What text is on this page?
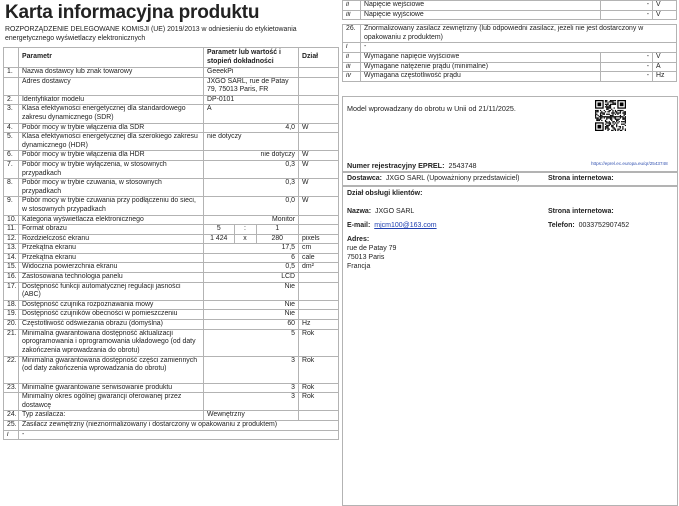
Karta informacyjna produktu
ROZPORZĄDZENIE DELEGOWANE KOMISJI (UE) 2019/2013 w odniesieniu do etykietowania energetycznego wyświetlaczy elektronicznych
	Parametr	Parametr lub wartość i stopień dokładności	Dział
1.	Nazwa dostawcy lub znak towarowy	GeeekPi	
	Adres dostawcy	JXGO SARL, rue de Patay 79, 75013 Paris, FR	
2.	Identyfikator modelu	DP-0101	
3.	Klasa efektywności energetycznej dla standardowego zakresu dynamicznego (SDR)	A	
4.	Pobór mocy w trybie włączenia dla SDR	4,0	W
5.	Klasa efektywności energetycznej dla szerokiego zakresu dynamicznego (HDR)	nie dotyczy	
6.	Pobór mocy w trybie włączenia dla HDR	nie dotyczy	W
7.	Pobór mocy w trybie wyłączenia, w stosownych przypadkach	0,3	W
8.	Pobór mocy w trybie czuwania, w stosownych przypadkach	0,3	W
9.	Pobór mocy w trybie czuwania przy podłączeniu do sieci, w stosownych przypadkach	0,0	W
10.	Kategoria wyświetlacza elektronicznego	Monitor	
11.	Format obrazu		5	:	1

12.	Rozdzielczość ekranu		1 424	x	280
		pixels
13.	Przekątna ekranu	17,5	cm
14.	Przekątna ekranu	6	cale
15.	Widoczna powierzchnia ekranu	0,5	dm²
16.	Zastosowana technologia panelu	LCD	
17.	Dostępność funkcji automatycznej regulacji jasności (ABC)	Nie	
18.	Dostępność czujnika rozpoznawania mowy	Nie	
19.	Dostępność czujników obecności w pomieszczeniu	Nie	
20.	Częstotliwość odświeżania obrazu (domyślna)	60	Hz
21.	Minimalna gwarantowana dostępność aktualizacji oprogramowania i oprogramowania układowego (od daty zakończenia wprowadzania do obrotu)	5	Rok
22.	Minimalna gwarantowana dostępność części zamiennych (od daty zakończenia wprowadzania do obrotu)	3	Rok
23.	Minimalne gwarantowane serwisowanie produktu	3	Rok
	Minimalny okres ogólnej gwarancji oferowanej przez dostawcę	3	Rok
24.	Typ zasilacza:	Wewnętrzny	
25.	Zasilacz zewnętrzny (nieznormalizowany i dostarczony w opakowaniu z produktem)
i	-
ii	Napięcie wejściowe	-	V
iii	Napięcie wyjściowe	-	V

26.	Znormalizowany zasilacz zewnętrzny (lub odpowiedni zasilacz, jeżeli nie jest dostarczony w opakowaniu z produktem)		
i	-		
ii	Wymagane napięcie wyjściowe	-	V
iii	Wymagane natężenie prądu (minimalne)	-	A
iv	Wymagana częstotliwość prądu	-	Hz
Model wprowadzany do obrotu w Unii od 21/11/2025.
Numer rejestracyjny EPREL: 2543748	https://eprel.ec.europa.eu/qr/2543748
Dostawca: JXGO SARL (Upoważniony przedstawiciel)	Strona internetowa:
Dział obsługi klientów:
Nazwa: JXGO SARL	Strona internetowa:
E-mail: mjcm100@163.com	Telefon: 0033752907452
Adres:
rue de Patay 79
75013 Paris
Francja
